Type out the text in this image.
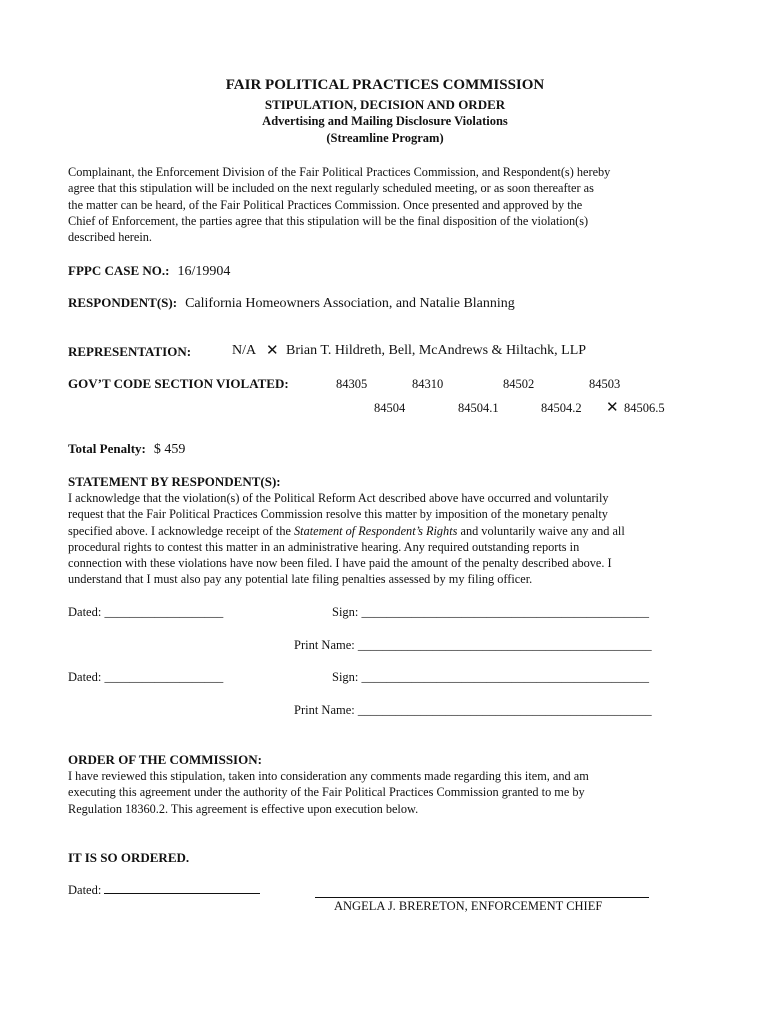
FAIR POLITICAL PRACTICES COMMISSION
STIPULATION, DECISION AND ORDER
Advertising and Mailing Disclosure Violations
(Streamline Program)
Complainant, the Enforcement Division of the Fair Political Practices Commission, and Respondent(s) hereby
agree that this stipulation will be included on the next regularly scheduled meeting, or as soon thereafter as
the matter can be heard, of the Fair Political Practices Commission. Once presented and approved by the
Chief of Enforcement, the parties agree that this stipulation will be the final disposition of the violation(s)
described herein.
FPPC CASE NO.: 16/19904
RESPONDENT(S): California Homeowners Association, and Natalie Blanning
REPRESENTATION:	N/A ✕ Brian T. Hildreth, Bell, McAndrews & Hiltachk, LLP
GOV’T CODE SECTION VIOLATED:	84305	84310	84502	84503
84504	84504.1	84504.2 ✕ 84506.5
Total Penalty: $ 459
STATEMENT BY RESPONDENT(S):
I acknowledge that the violation(s) of the Political Reform Act described above have occurred and voluntarily
request that the Fair Political Practices Commission resolve this matter by imposition of the monetary penalty
specified above. I acknowledge receipt of the Statement of Respondent’s Rights and voluntarily waive any and all
procedural rights to contest this matter in an administrative hearing. Any required outstanding reports in
connection with these violations have now been filed. I have paid the amount of the penalty described above. I
understand that I must also pay any potential late filing penalties assessed by my filing officer.
Dated: ___________________	Sign: ______________________________________________
Print Name: _______________________________________________
Dated: ___________________	Sign: ______________________________________________
Print Name: _______________________________________________
ORDER OF THE COMMISSION:
I have reviewed this stipulation, taken into consideration any comments made regarding this item, and am
executing this agreement under the authority of the Fair Political Practices Commission granted to me by
Regulation 18360.2. This agreement is effective upon execution below.
IT IS SO ORDERED.
Dated:
ANGELA J. BRERETON, ENFORCEMENT CHIEF
